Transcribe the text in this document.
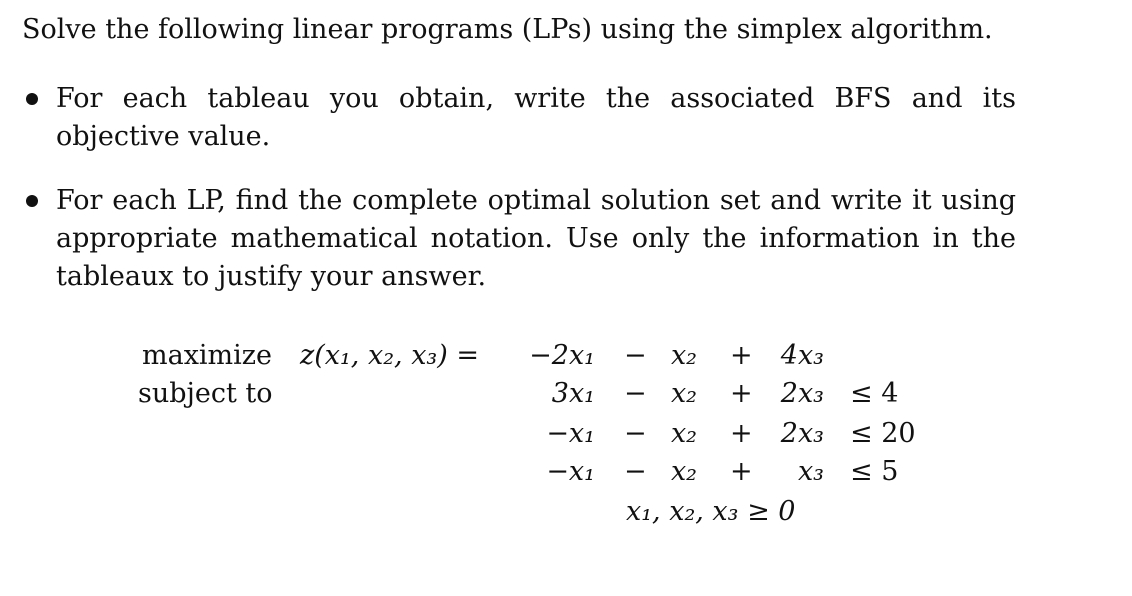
Solve the following linear programs (LPs) using the simplex algorithm.
For each tableau you obtain, write the associated BFS and its objective value.
For each LP, find the complete optimal solution set and write it using appropriate mathematical notation. Use only the information in the tableaux to justify your answer.
maximize z(x₁, x₂, x₃) = −2x₁ − x₂ + 4x₃
subject to	3x₁ − x₂ + 2x₃ ≤ 4
−x₁ − x₂ + 2x₃ ≤ 20
−x₁ − x₂ + x₃ ≤ 5
x₁, x₂, x₃ ≥ 0
